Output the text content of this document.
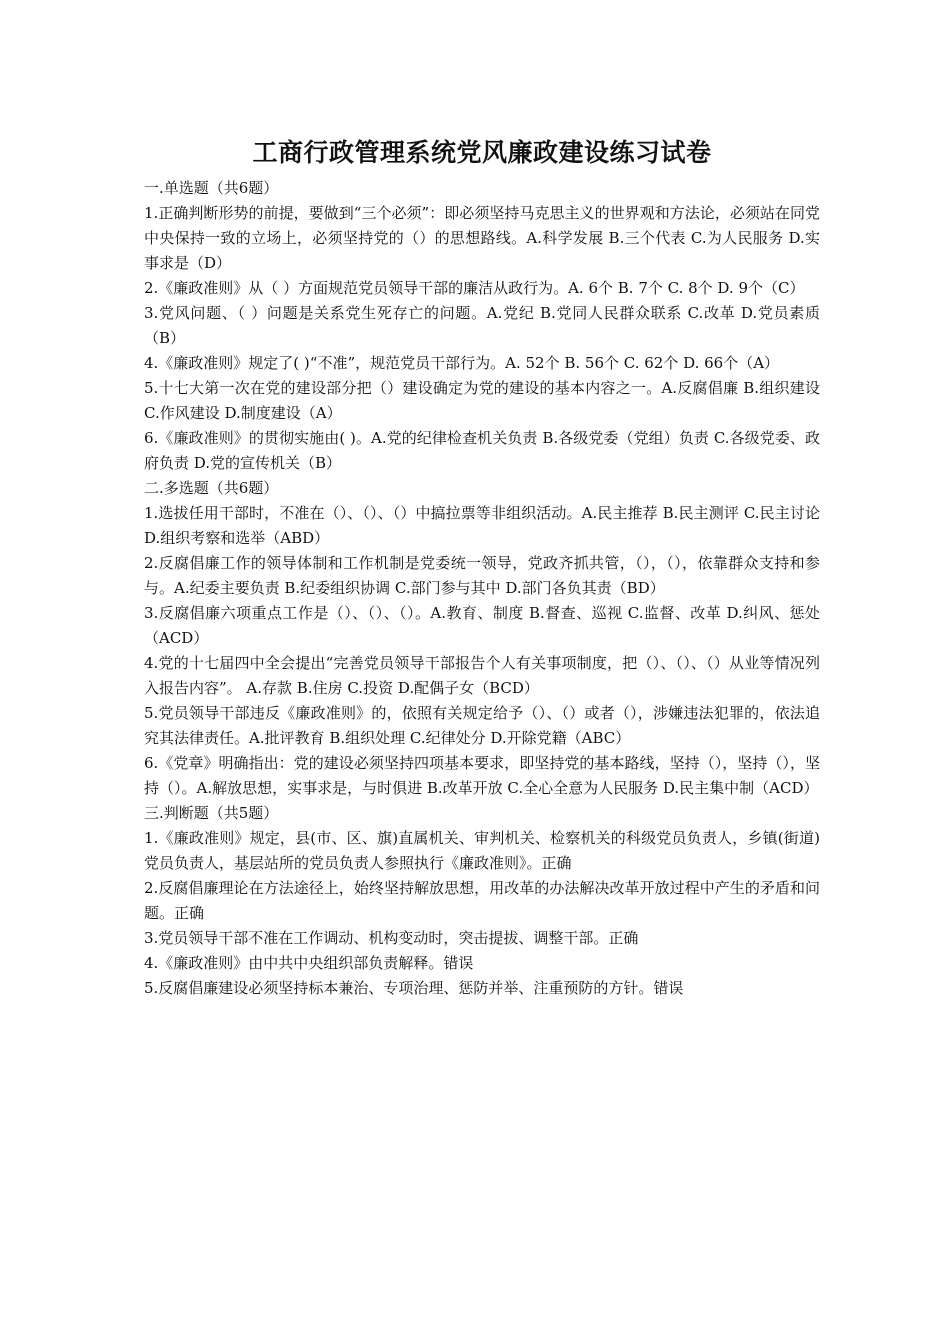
工商行政管理系统党风廉政建设练习试卷

一.单选题（共6题）

1.正确判断形势的前提，要做到“三个必须”：即必须坚持马克思主义的世界观和方法论，必须站在同党中央保持一致的立场上，必须坚持党的（）的思想路线。A.科学发展 B.三个代表 C.为人民服务 D.实事求是（D）

2.《廉政准则》从（ ）方面规范党员领导干部的廉洁从政行为。A. 6个 B. 7个 C. 8个 D. 9个（C）

3.党风问题、（ ）问题是关系党生死存亡的问题。A.党纪 B.党同人民群众联系 C.改革 D.党员素质（B）

4.《廉政准则》规定了( )“不准”，规范党员干部行为。A. 52个 B. 56个 C. 62个 D. 66个（A）

5.十七大第一次在党的建设部分把（）建设确定为党的建设的基本内容之一。A.反腐倡廉 B.组织建设 C.作风建设 D.制度建设（A）

6.《廉政准则》的贯彻实施由( )。A.党的纪律检查机关负责 B.各级党委（党组）负责 C.各级党委、政府负责 D.党的宣传机关（B）

二.多选题（共6题）

1.选拔任用干部时，不准在（）、（）、（）中搞拉票等非组织活动。A.民主推荐 B.民主测评 C.民主讨论 D.组织考察和选举（ABD）

2.反腐倡廉工作的领导体制和工作机制是党委统一领导，党政齐抓共管，（），（），依靠群众支持和参与。A.纪委主要负责 B.纪委组织协调 C.部门参与其中 D.部门各负其责（BD）

3.反腐倡廉六项重点工作是（）、（）、（）。A.教育、制度 B.督查、巡视 C.监督、改革 D.纠风、惩处（ACD）

4.党的十七届四中全会提出“完善党员领导干部报告个人有关事项制度，把（）、（）、（）从业等情况列入报告内容”。 A.存款 B.住房 C.投资 D.配偶子女（BCD）

5.党员领导干部违反《廉政准则》的，依照有关规定给予（）、（）或者（），涉嫌违法犯罪的，依法追究其法律责任。A.批评教育 B.组织处理 C.纪律处分 D.开除党籍（ABC）

6.《党章》明确指出：党的建设必须坚持四项基本要求，即坚持党的基本路线，坚持（），坚持（），坚持（）。A.解放思想，实事求是，与时俱进 B.改革开放 C.全心全意为人民服务 D.民主集中制（ACD）

三.判断题（共5题）

1.《廉政准则》规定，县(市、区、旗)直属机关、审判机关、检察机关的科级党员负责人，乡镇(街道)党员负责人，基层站所的党员负责人参照执行《廉政准则》。正确

2.反腐倡廉理论在方法途径上，始终坚持解放思想，用改革的办法解决改革开放过程中产生的矛盾和问题。正确

3.党员领导干部不准在工作调动、机构变动时，突击提拔、调整干部。正确

4.《廉政准则》由中共中央组织部负责解释。错误

5.反腐倡廉建设必须坚持标本兼治、专项治理、惩防并举、注重预防的方针。错误
